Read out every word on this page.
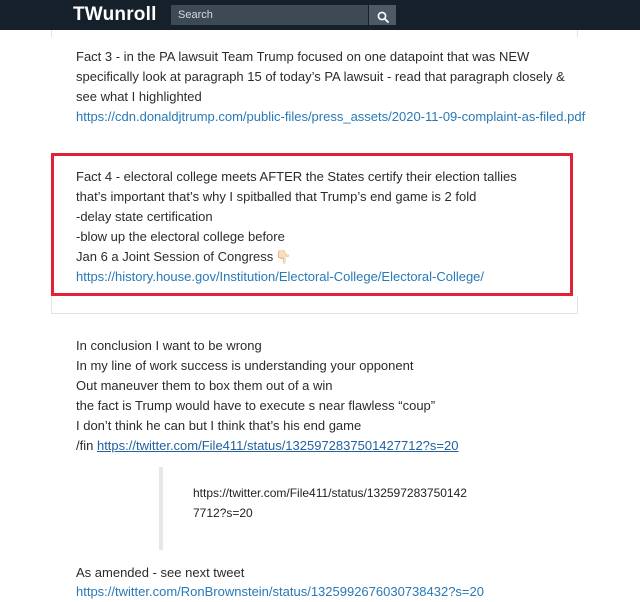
TWunroll
Search

Fact 3 - in the PA lawsuit Team Trump focused on one datapoint that was NEW

specifically look at paragraph 15 of today’s PA lawsuit - read that paragraph closely &

see what I highlighted

https://cdn.donaldjtrump.com/public-files/press_assets/2020-11-09-complaint-as-filed.pdf

Fact 4 - electoral college meets AFTER the States certify their election tallies

that’s important that’s why I spitballed that Trump’s end game is 2 fold

-delay state certification

-blow up the electoral college before

Jan 6 a Joint Session of Congress 👇🏻

https://history.house.gov/Institution/Electoral-College/Electoral-College/

In conclusion I want to be wrong

In my line of work success is understanding your opponent

Out maneuver them to box them out of a win

the fact is Trump would have to execute s near flawless “coup”

I don’t think he can but I think that’s his end game

/fin https://twitter.com/File411/status/1325972837501427712?s=20

https://twitter.com/File411/status/132597283750142

7712?s=20

As amended - see next tweet

https://twitter.com/RonBrownstein/status/1325992676030738432?s=20
